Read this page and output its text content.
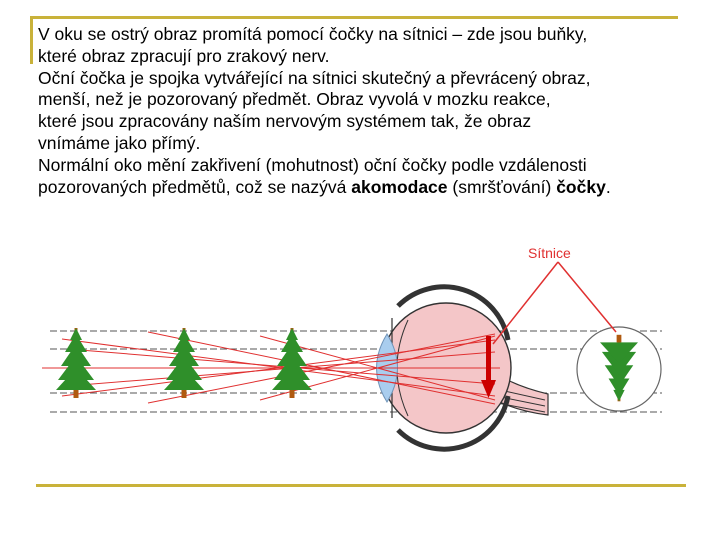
V oku se ostrý obraz promítá pomocí čočky na sítnici – zde jsou buňky,

které obraz zpracují pro zrakový nerv.

Oční čočka je spojka vytvářející na sítnici skutečný a převrácený obraz,

menší, než je pozorovaný předmět. Obraz vyvolá v mozku reakce,

které jsou zpracovány naším nervovým systémem tak, že obraz

vnímáme jako přímý.

Normální oko mění zakřivení (mohutnost) oční čočky podle vzdálenosti

pozorovaných předmětů, což se nazývá akomodace (smršťování) čočky.

Sítnice
